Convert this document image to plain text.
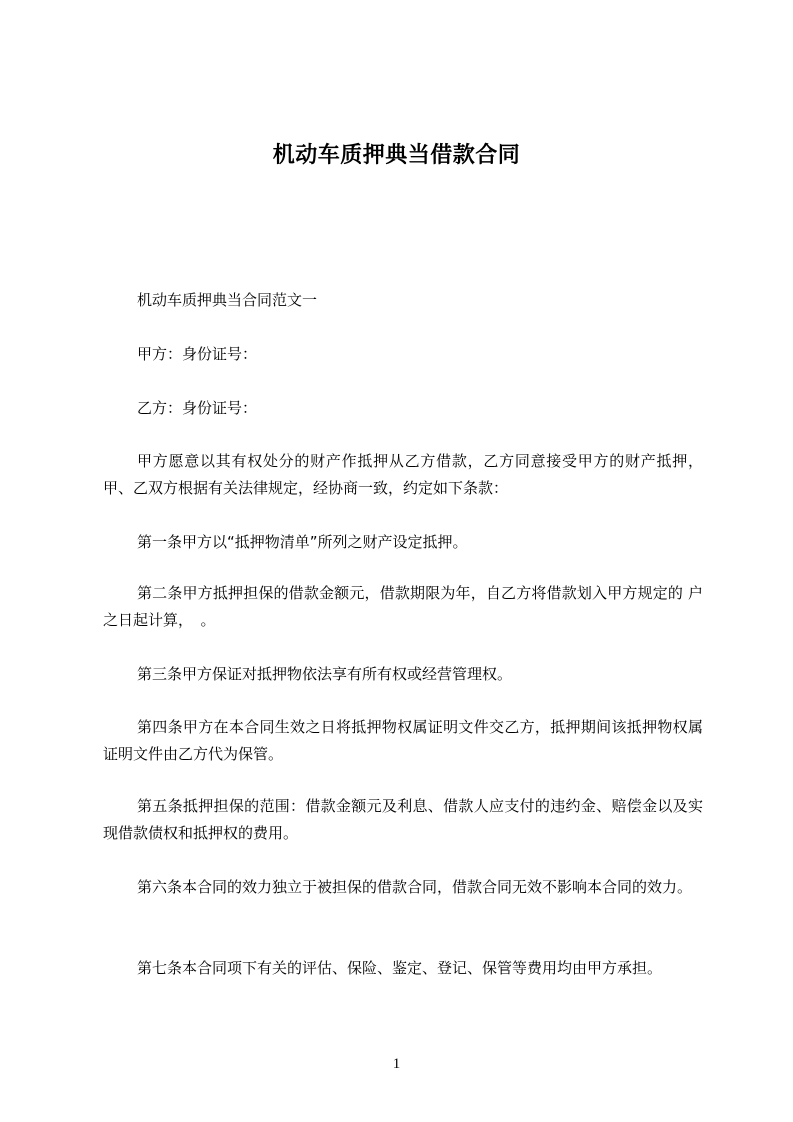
机动车质押典当借款合同

机动车质押典当合同范文一

甲方：身份证号：

乙方：身份证号：

甲方愿意以其有权处分的财产作抵押从乙方借款，乙方同意接受甲方的财产抵押，甲、乙双方根据有关法律规定，经协商一致，约定如下条款：

第一条甲方以“抵押物清单”所列之财产设定抵押。

第二条甲方抵押担保的借款金额元，借款期限为年，自乙方将借款划入甲方规定的 户之日起计算，　。

第三条甲方保证对抵押物依法享有所有权或经营管理权。

第四条甲方在本合同生效之日将抵押物权属证明文件交乙方，抵押期间该抵押物权属证明文件由乙方代为保管。

第五条抵押担保的范围：借款金额元及利息、借款人应支付的违约金、赔偿金以及实现借款债权和抵押权的费用。

第六条本合同的效力独立于被担保的借款合同，借款合同无效不影响本合同的效力。

第七条本合同项下有关的评估、保险、鉴定、登记、保管等费用均由甲方承担。

1
